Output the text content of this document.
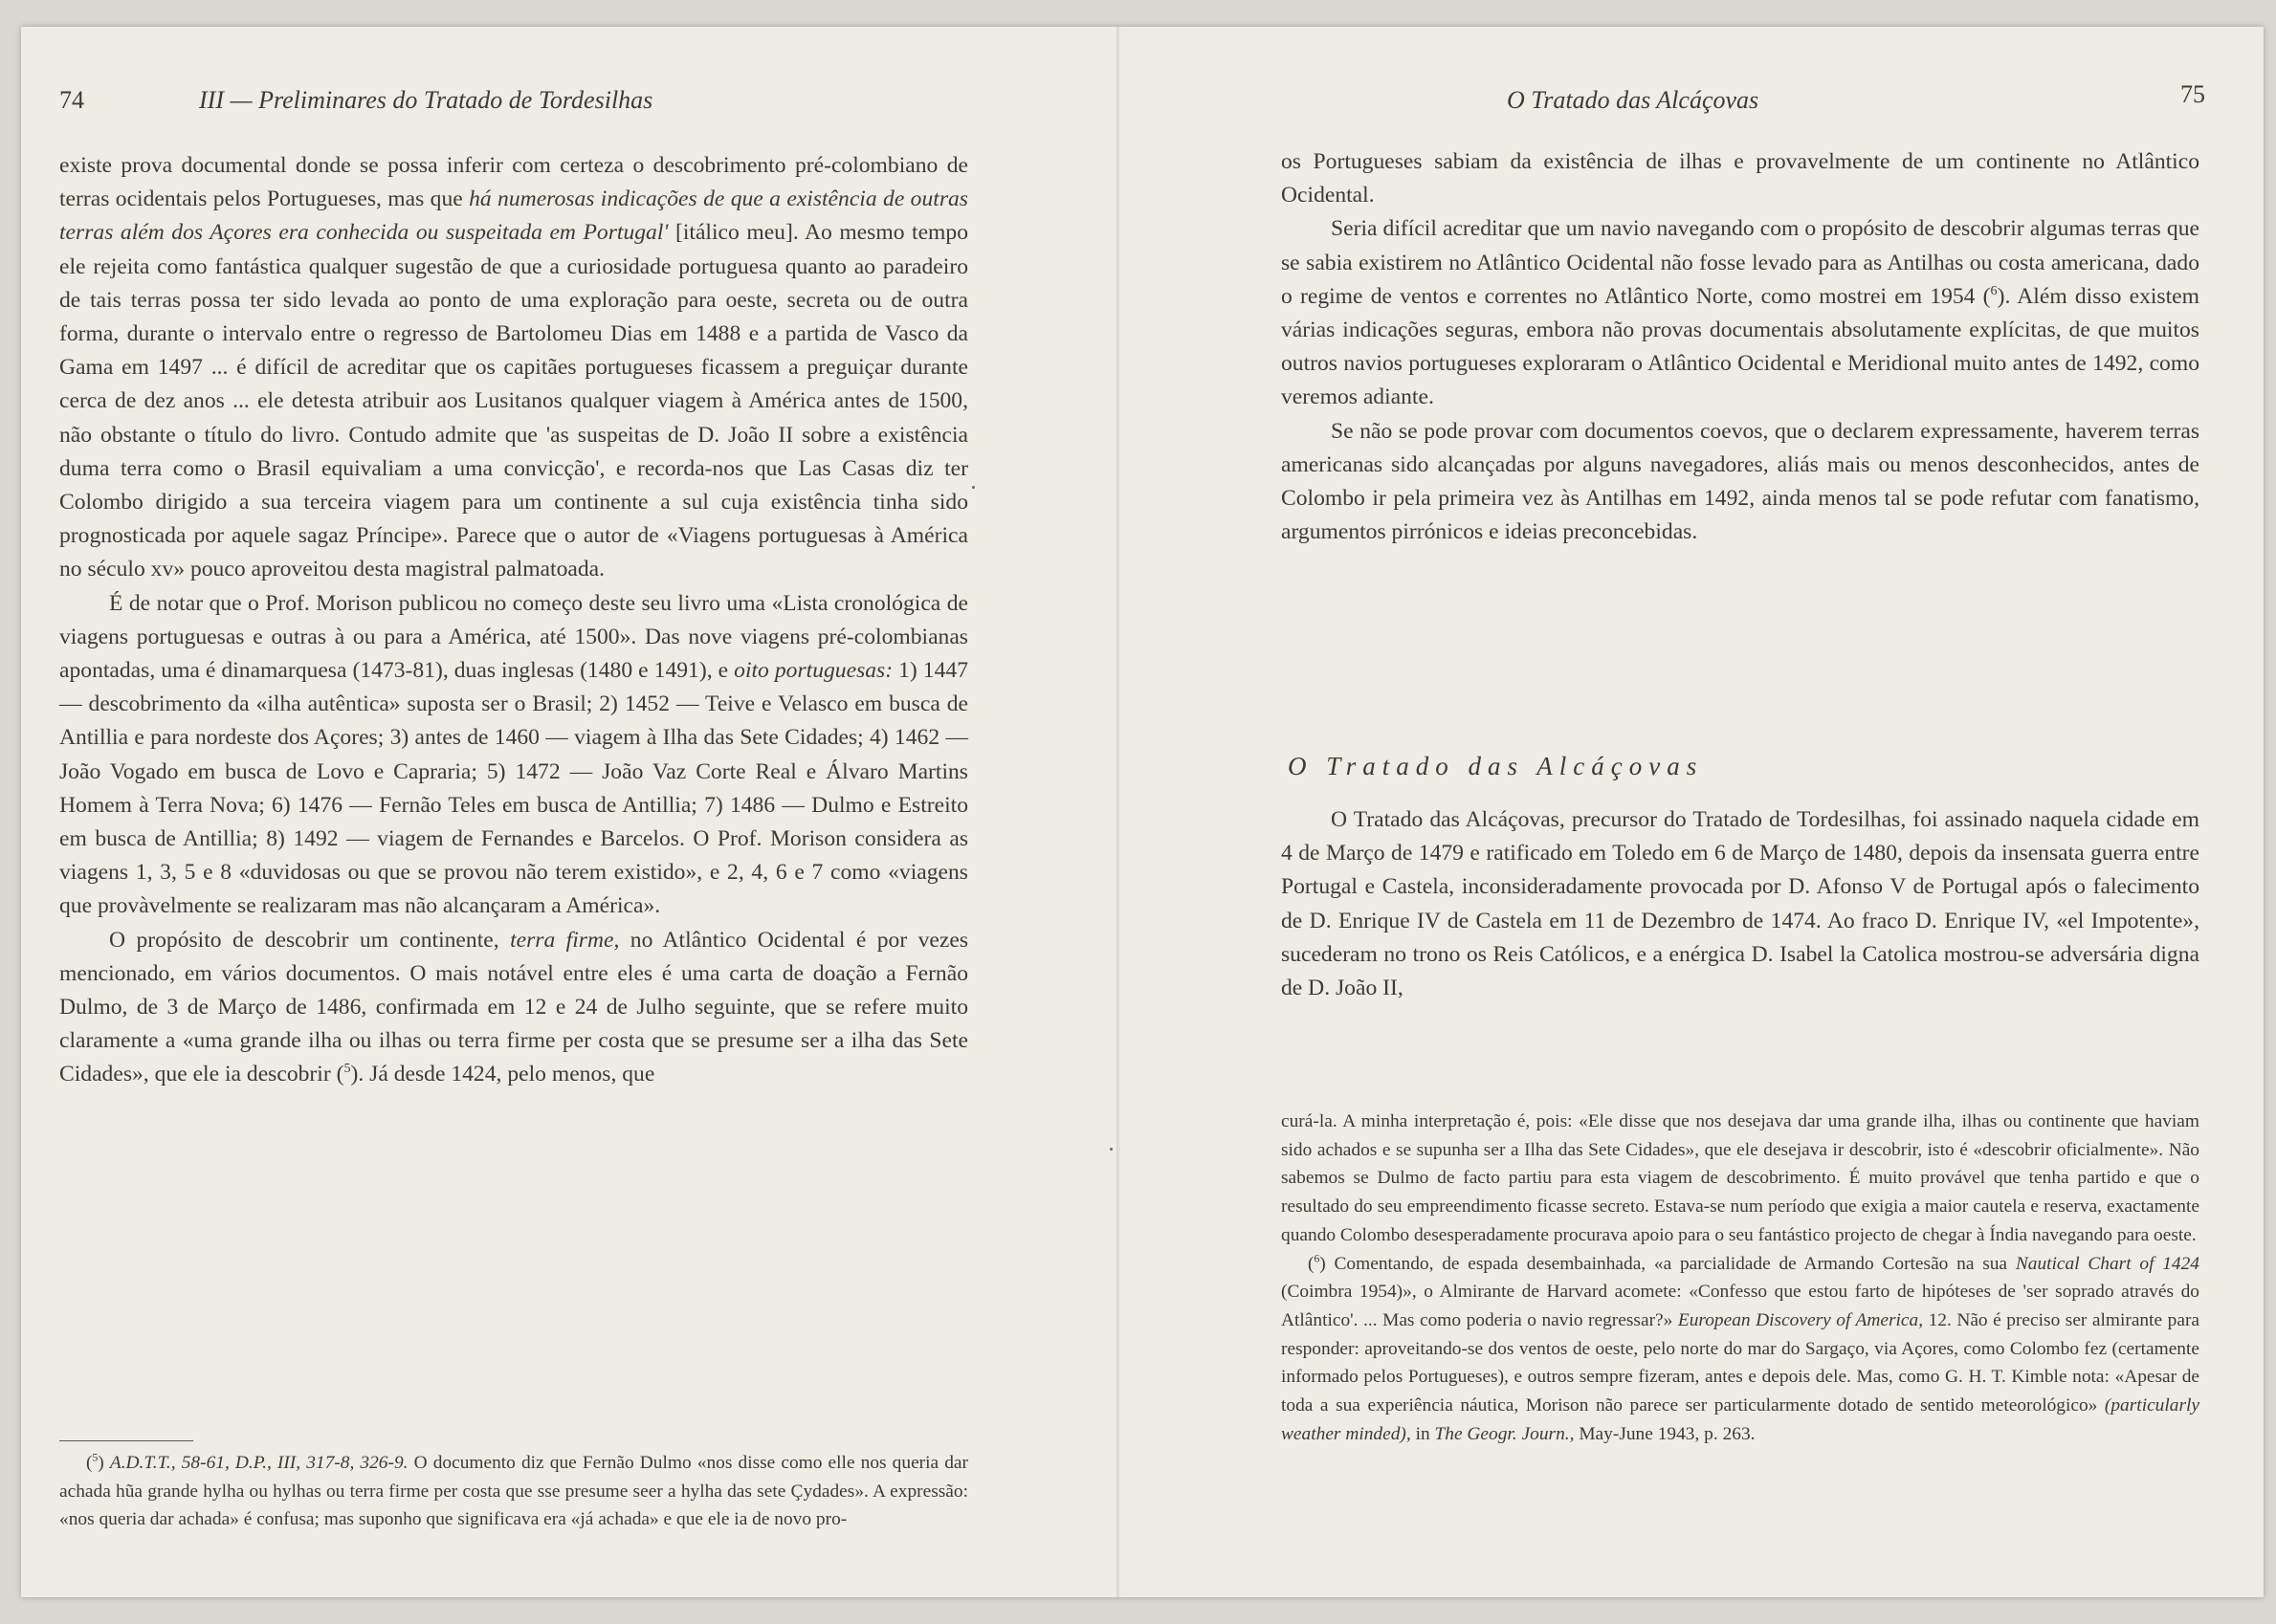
74	III — Preliminares do Tratado de Tordesilhas

existe prova documental donde se possa inferir com certeza o descobrimento pré-colombiano de terras ocidentais pelos Portugueses, mas que há numerosas indicações de que a existência de outras terras além dos Açores era conhecida ou suspeitada em Portugal' [itálico meu]. Ao mesmo tempo ele rejeita como fantástica qualquer sugestão de que a curiosidade portuguesa quanto ao paradeiro de tais terras possa ter sido levada ao ponto de uma exploração para oeste, secreta ou de outra forma, durante o intervalo entre o regresso de Bartolomeu Dias em 1488 e a partida de Vasco da Gama em 1497 ... é difícil de acreditar que os capitães portugueses ficassem a preguiçar durante cerca de dez anos ... ele detesta atribuir aos Lusitanos qualquer viagem à América antes de 1500, não obstante o título do livro. Contudo admite que 'as suspeitas de D. João II sobre a existência duma terra como o Brasil equivaliam a uma convicção', e recorda-nos que Las Casas diz ter Colombo dirigido a sua terceira viagem para um continente a sul cuja existência tinha sido prognosticada por aquele sagaz Príncipe». Parece que o autor de «Viagens portuguesas à América no século xv» pouco aproveitou desta magistral palmatoada.

É de notar que o Prof. Morison publicou no começo deste seu livro uma «Lista cronológica de viagens portuguesas e outras à ou para a América, até 1500». Das nove viagens pré-colombianas apontadas, uma é dinamarquesa (1473-81), duas inglesas (1480 e 1491), e oito portuguesas: 1) 1447 — descobrimento da «ilha autêntica» suposta ser o Brasil; 2) 1452 — Teive e Velasco em busca de Antillia e para nordeste dos Açores; 3) antes de 1460 — viagem à Ilha das Sete Cidades; 4) 1462 — João Vogado em busca de Lovo e Capraria; 5) 1472 — João Vaz Corte Real e Álvaro Martins Homem à Terra Nova; 6) 1476 — Fernão Teles em busca de Antillia; 7) 1486 — Dulmo e Estreito em busca de Antillia; 8) 1492 — viagem de Fernandes e Barcelos. O Prof. Morison considera as viagens 1, 3, 5 e 8 «duvidosas ou que se provou não terem existido», e 2, 4, 6 e 7 como «viagens que provàvelmente se realizaram mas não alcançaram a América».

O propósito de descobrir um continente, terra firme, no Atlântico Ocidental é por vezes mencionado, em vários documentos. O mais notável entre eles é uma carta de doação a Fernão Dulmo, de 3 de Março de 1486, confirmada em 12 e 24 de Julho seguinte, que se refere muito claramente a «uma grande ilha ou ilhas ou terra firme per costa que se presume ser a ilha das Sete Cidades», que ele ia descobrir ($^5$). Já desde 1424, pelo menos, que

($^5$) A.D.T.T., 58-61, D.P., III, 317-8, 326-9. O documento diz que Fernão Dulmo «nos disse como elle nos queria dar achada hũa grande hylha ou hylhas ou terra firme per costa que sse presume seer a hylha das sete Çydades». A expressão: «nos queria dar achada» é confusa; mas suponho que significava era «já achada» e que ele ia de novo pro-

O Tratado das Alcáçovas	75

os Portugueses sabiam da existência de ilhas e provavelmente de um continente no Atlântico Ocidental.

Seria difícil acreditar que um navio navegando com o propósito de descobrir algumas terras que se sabia existirem no Atlântico Ocidental não fosse levado para as Antilhas ou costa americana, dado o regime de ventos e correntes no Atlântico Norte, como mostrei em 1954 ($^6$). Além disso existem várias indicações seguras, embora não provas documentais absolutamente explícitas, de que muitos outros navios portugueses exploraram o Atlântico Ocidental e Meridional muito antes de 1492, como veremos adiante.

Se não se pode provar com documentos coevos, que o declarem expressamente, haverem terras americanas sido alcançadas por alguns navegadores, aliás mais ou menos desconhecidos, antes de Colombo ir pela primeira vez às Antilhas em 1492, ainda menos tal se pode refutar com fanatismo, argumentos pirrónicos e ideias preconcebidas.

O Tratado das Alcáçovas

O Tratado das Alcáçovas, precursor do Tratado de Tordesilhas, foi assinado naquela cidade em 4 de Março de 1479 e ratificado em Toledo em 6 de Março de 1480, depois da insensata guerra entre Portugal e Castela, inconsideradamente provocada por D. Afonso V de Portugal após o falecimento de D. Enrique IV de Castela em 11 de Dezembro de 1474. Ao fraco D. Enrique IV, «el Impotente», sucederam no trono os Reis Católicos, e a enérgica D. Isabel la Catolica mostrou-se adversária digna de D. João II,

curá-la. A minha interpretação é, pois: «Ele disse que nos desejava dar uma grande ilha, ilhas ou continente que haviam sido achados e se supunha ser a Ilha das Sete Cidades», que ele desejava ir descobrir, isto é «descobrir oficialmente». Não sabemos se Dulmo de facto partiu para esta viagem de descobrimento. É muito provável que tenha partido e que o resultado do seu empreendimento ficasse secreto. Estava-se num período que exigia a maior cautela e reserva, exactamente quando Colombo desesperadamente procurava apoio para o seu fantástico projecto de chegar à Índia navegando para oeste.

($^6$) Comentando, de espada desembainhada, «a parcialidade de Armando Cortesão na sua Nautical Chart of 1424 (Coimbra 1954)», o Almirante de Harvard acomete: «Confesso que estou farto de hipóteses de 'ser soprado através do Atlântico'. ... Mas como poderia o navio regressar?» European Discovery of America, 12. Não é preciso ser almirante para responder: aproveitando-se dos ventos de oeste, pelo norte do mar do Sargaço, via Açores, como Colombo fez (certamente informado pelos Portugueses), e outros sempre fizeram, antes e depois dele. Mas, como G. H. T. Kimble nota: «Apesar de toda a sua experiência náutica, Morison não parece ser particularmente dotado de sentido meteorológico» (particularly weather minded), in The Geogr. Journ., May-June 1943, p. 263.
